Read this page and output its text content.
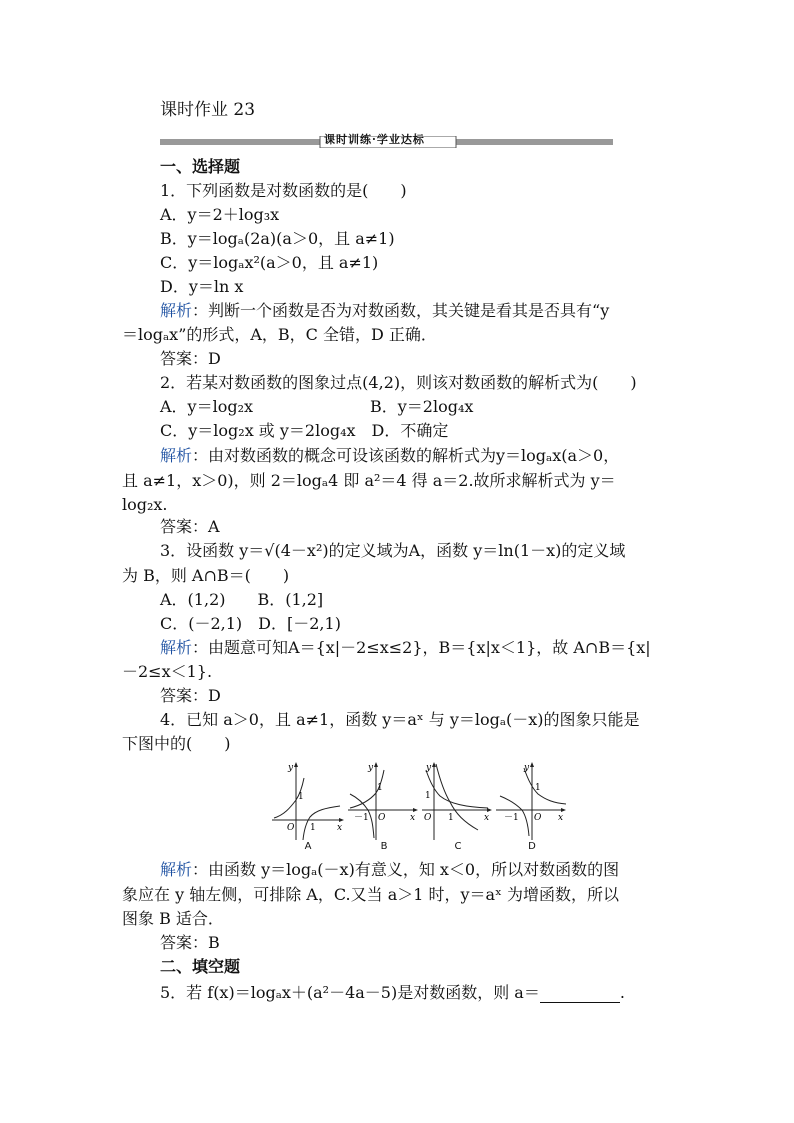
课时作业 23
课时训练·学业达标
一、选择题
1．下列函数是对数函数的是(　　)
A．y＝2＋log₃x
B．y＝logₐ(2a)(a＞0，且 a≠1)
C．y＝logₐx²(a＞0，且 a≠1)
D．y＝ln x
解析：判断一个函数是否为对数函数，其关键是看其是否具有“y
＝logₐx”的形式，A，B，C 全错，D 正确．
答案：D
2．若某对数函数的图象过点(4,2)，则该对数函数的解析式为(　　)
A．y＝log₂x	B．y＝2log₄x
C．y＝log₂x 或 y＝2log₄x　D．不确定
解析：由对数函数的概念可设该函数的解析式为y＝logₐx(a＞0，
且 a≠1，x＞0)，则 2＝logₐ4 即 a²＝4 得 a＝2.故所求解析式为 y＝
log₂x.
答案：A
3．设函数 y＝√(4－x²)的定义域为A，函数 y＝ln(1－x)的定义域
为 B，则 A∩B＝(　　)
A．(1,2)　　B．(1,2]
C．(－2,1)　D．[－2,1)
解析：由题意可知A＝{x|－2≤x≤2}，B＝{x|x＜1}，故 A∩B＝{x|
－2≤x＜1}.
答案：D
4．已知 a＞0，且 a≠1，函数 y＝aˣ 与 y＝logₐ(－x)的图象只能是
下图中的(　　)
y
x
O
1
1
A
y
x
O
1
－1
B
y
x
O
1
1
C
y
x
O
1
－1
D
解析：由函数 y＝logₐ(－x)有意义，知 x＜0，所以对数函数的图
象应在 y 轴左侧，可排除 A，C.又当 a＞1 时，y＝aˣ 为增函数，所以
图象 B 适合．
答案：B
二、填空题
5．若 f(x)＝logₐx＋(a²－4a－5)是对数函数，则 a＝	.
